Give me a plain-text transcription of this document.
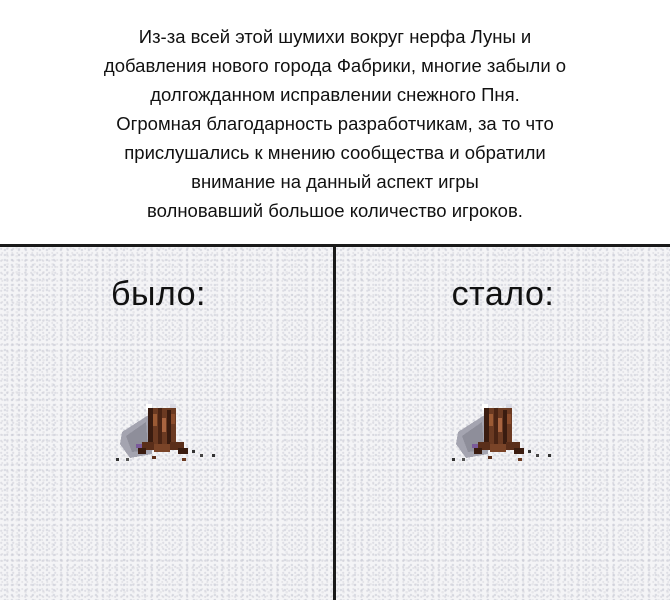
Из-за всей этой шумихи вокруг нерфа Луны и
добавления нового города Фабрики, многие забыли о
долгожданном исправлении снежного Пня.
Огромная благодарность разработчикам, за то что
прислушались к мнению сообщества и обратили
внимание на данный аспект игры
волновавший большое количество игроков.

было:	стало:
